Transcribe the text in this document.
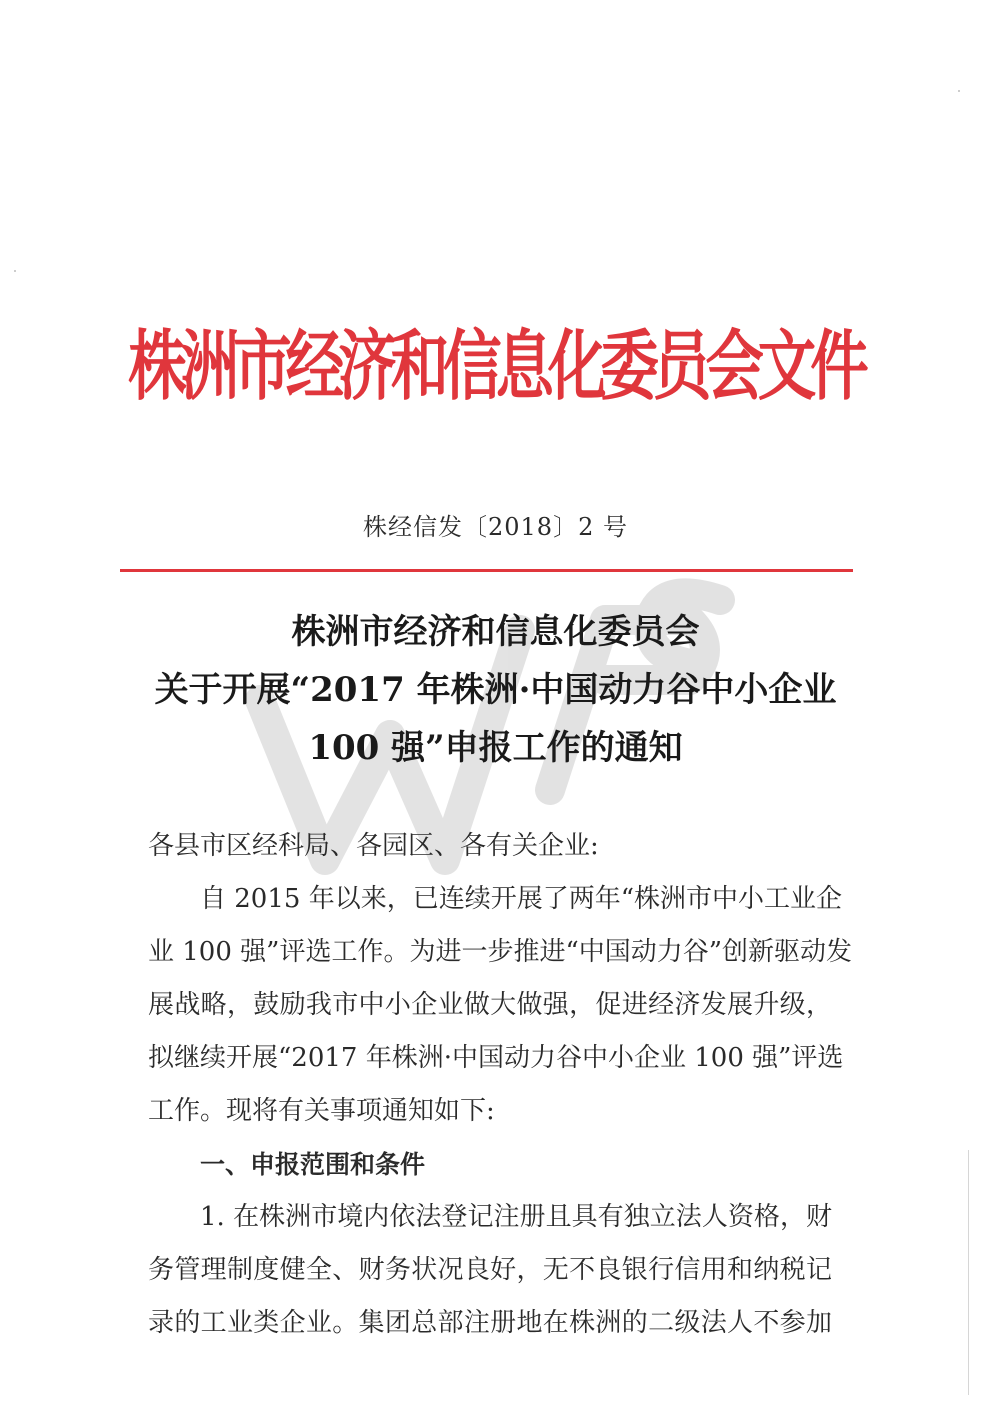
株洲市经济和信息化委员会文件
株经信发〔2018〕2 号
株洲市经济和信息化委员会
关于开展“2017 年株洲·中国动力谷中小企业
100 强”申报工作的通知
各县市区经科局、各园区、各有关企业:
自 2015 年以来，已连续开展了两年“株洲市中小工业企
业 100 强”评选工作。为进一步推进“中国动力谷”创新驱动发
展战略，鼓励我市中小企业做大做强，促进经济发展升级，
拟继续开展“2017 年株洲·中国动力谷中小企业 100 强”评选
工作。现将有关事项通知如下:
一、申报范围和条件
1. 在株洲市境内依法登记注册且具有独立法人资格，财
务管理制度健全、财务状况良好，无不良银行信用和纳税记
录的工业类企业。集团总部注册地在株洲的二级法人不参加
